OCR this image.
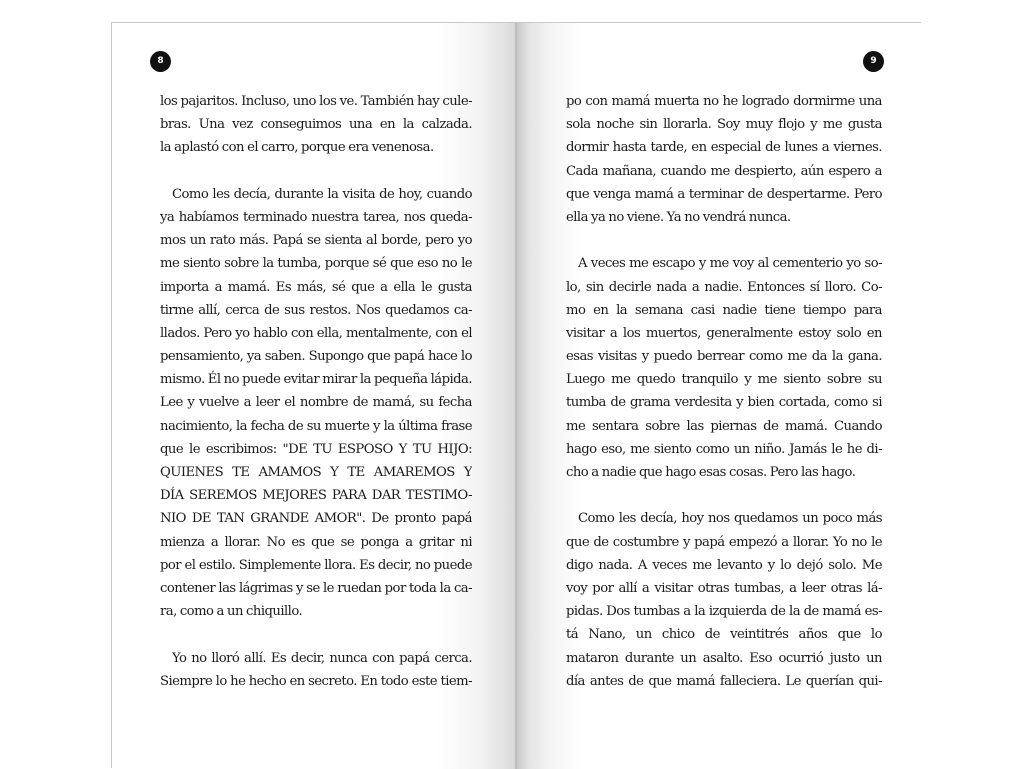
8
los pajaritos. Incluso, uno los ve. También hay cule-
bras. Una vez conseguimos una en la calzada.
la aplastó con el carro, porque era venenosa.
Como les decía, durante la visita de hoy, cuando
ya habíamos terminado nuestra tarea, nos queda-
mos un rato más. Papá se sienta al borde, pero yo
me siento sobre la tumba, porque sé que eso no le
importa a mamá. Es más, sé que a ella le gusta
tirme allí, cerca de sus restos. Nos quedamos ca-
llados. Pero yo hablo con ella, mentalmente, con el
pensamiento, ya saben. Supongo que papá hace lo
mismo. Él no puede evitar mirar la pequeña lápida.
Lee y vuelve a leer el nombre de mamá, su fecha
nacimiento, la fecha de su muerte y la última frase
que le escribimos: "DE TU ESPOSO Y TU HIJO:
QUIENES TE AMAMOS Y TE AMAREMOS Y
DÍA SEREMOS MEJORES PARA DAR TESTIMO-
NIO DE TAN GRANDE AMOR". De pronto papá
mienza a llorar. No es que se ponga a gritar ni
por el estilo. Simplemente llora. Es decir, no puede
contener las lágrimas y se le ruedan por toda la ca-
ra, como a un chiquillo.
Yo no lloró allí. Es decir, nunca con papá cerca.
Siempre lo he hecho en secreto. En todo este tiem-
9
po con mamá muerta no he logrado dormirme una
sola noche sin llorarla. Soy muy flojo y me gusta
dormir hasta tarde, en especial de lunes a viernes.
Cada mañana, cuando me despierto, aún espero a
que venga mamá a terminar de despertarme. Pero
ella ya no viene. Ya no vendrá nunca.
A veces me escapo y me voy al cementerio yo so-
lo, sin decirle nada a nadie. Entonces sí lloro. Co-
mo en la semana casi nadie tiene tiempo para
visitar a los muertos, generalmente estoy solo en
esas visitas y puedo berrear como me da la gana.
Luego me quedo tranquilo y me siento sobre su
tumba de grama verdesita y bien cortada, como si
me sentara sobre las piernas de mamá. Cuando
hago eso, me siento como un niño. Jamás le he di-
cho a nadie que hago esas cosas. Pero las hago.
Como les decía, hoy nos quedamos un poco más
que de costumbre y papá empezó a llorar. Yo no le
digo nada. A veces me levanto y lo dejó solo. Me
voy por allí a visitar otras tumbas, a leer otras lá-
pidas. Dos tumbas a la izquierda de la de mamá es-
tá Nano, un chico de veintitrés años que lo
mataron durante un asalto. Eso ocurrió justo un
día antes de que mamá falleciera. Le querían qui-
